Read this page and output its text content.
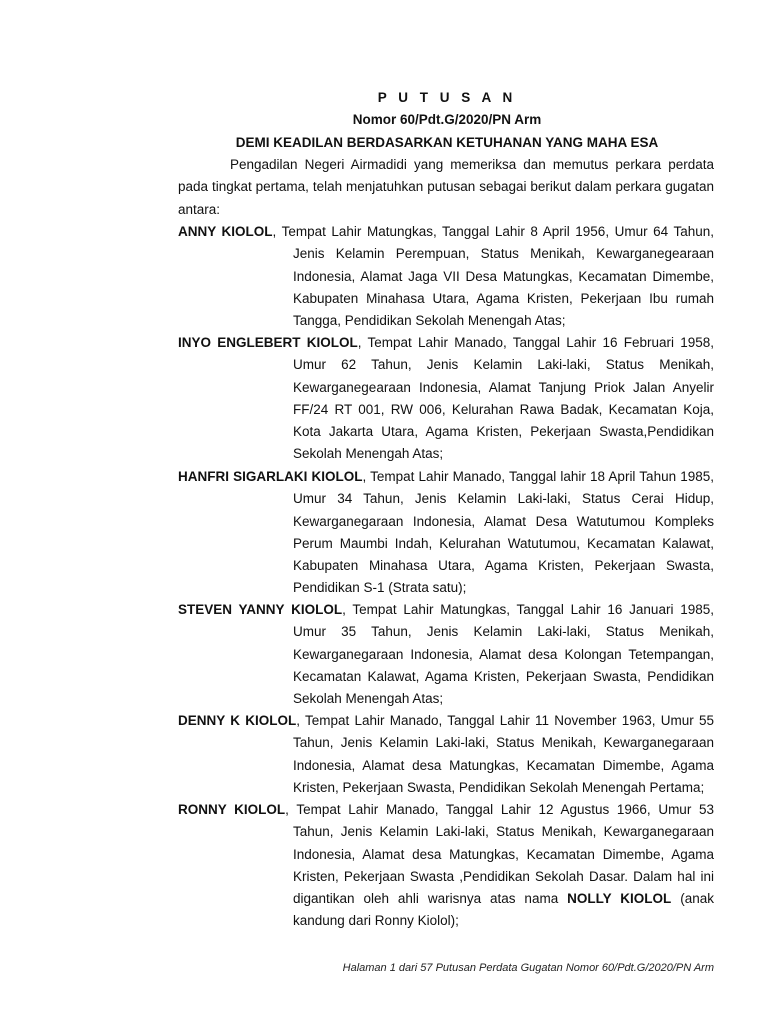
P U T U S A N
Nomor 60/Pdt.G/2020/PN Arm
DEMI KEADILAN BERDASARKAN KETUHANAN YANG MAHA ESA
Pengadilan Negeri Airmadidi yang memeriksa dan memutus perkara perdata pada tingkat pertama, telah menjatuhkan putusan sebagai berikut dalam perkara gugatan antara:
ANNY KIOLOL, Tempat Lahir Matungkas, Tanggal Lahir 8 April 1956, Umur 64 Tahun, Jenis Kelamin Perempuan, Status Menikah, Kewarganegearaan Indonesia, Alamat Jaga VII Desa Matungkas, Kecamatan Dimembe, Kabupaten Minahasa Utara, Agama Kristen, Pekerjaan Ibu rumah Tangga, Pendidikan Sekolah Menengah Atas;
INYO ENGLEBERT KIOLOL, Tempat Lahir Manado, Tanggal Lahir 16 Februari 1958, Umur 62 Tahun, Jenis Kelamin Laki-laki, Status Menikah, Kewarganegearaan Indonesia, Alamat Tanjung Priok Jalan Anyelir FF/24 RT 001, RW 006, Kelurahan Rawa Badak, Kecamatan Koja, Kota Jakarta Utara, Agama Kristen, Pekerjaan Swasta,Pendidikan Sekolah Menengah Atas;
HANFRI SIGARLAKI KIOLOL, Tempat Lahir Manado, Tanggal lahir 18 April Tahun 1985, Umur 34 Tahun, Jenis Kelamin Laki-laki, Status Cerai Hidup, Kewarganegaraan Indonesia, Alamat Desa Watutumou Kompleks Perum Maumbi Indah, Kelurahan Watutumou, Kecamatan Kalawat, Kabupaten Minahasa Utara, Agama Kristen, Pekerjaan Swasta, Pendidikan S-1 (Strata satu);
STEVEN YANNY KIOLOL, Tempat Lahir Matungkas, Tanggal Lahir 16 Januari 1985, Umur 35 Tahun, Jenis Kelamin Laki-laki, Status Menikah, Kewarganegaraan Indonesia, Alamat desa Kolongan Tetempangan, Kecamatan Kalawat, Agama Kristen, Pekerjaan Swasta, Pendidikan Sekolah Menengah Atas;
DENNY K KIOLOL, Tempat Lahir Manado, Tanggal Lahir 11 November 1963, Umur 55 Tahun, Jenis Kelamin Laki-laki, Status Menikah, Kewarganegaraan Indonesia, Alamat desa Matungkas, Kecamatan Dimembe, Agama Kristen, Pekerjaan Swasta, Pendidikan Sekolah Menengah Pertama;
RONNY KIOLOL, Tempat Lahir Manado, Tanggal Lahir 12 Agustus 1966, Umur 53 Tahun, Jenis Kelamin Laki-laki, Status Menikah, Kewarganegaraan Indonesia, Alamat desa Matungkas, Kecamatan Dimembe, Agama Kristen, Pekerjaan Swasta ,Pendidikan Sekolah Dasar. Dalam hal ini digantikan oleh ahli warisnya atas nama NOLLY KIOLOL (anak kandung dari Ronny Kiolol);
Halaman 1 dari 57 Putusan Perdata Gugatan Nomor 60/Pdt.G/2020/PN Arm
